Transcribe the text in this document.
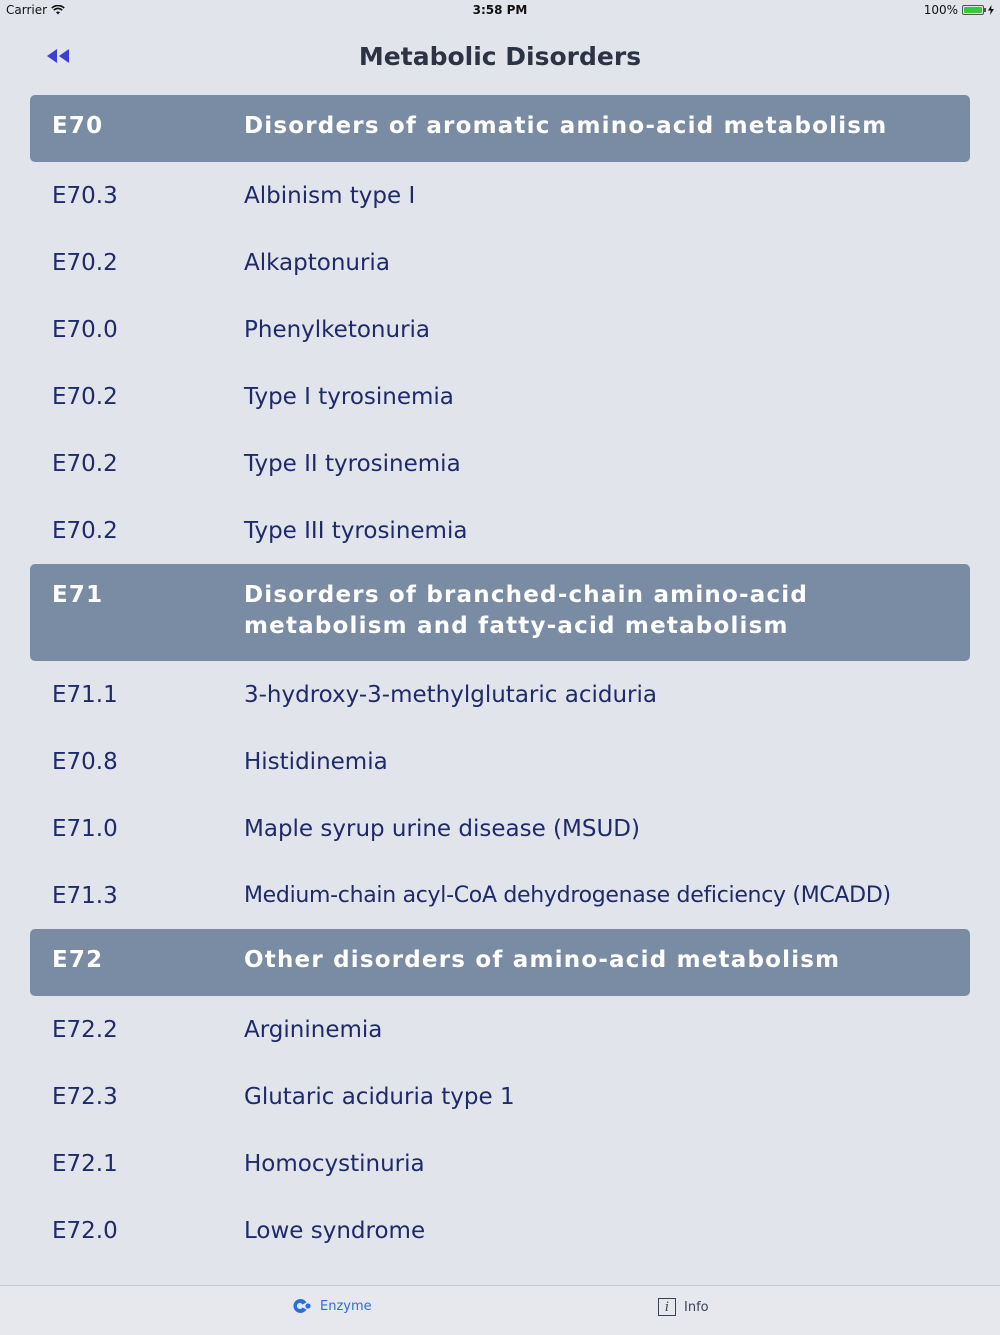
Carrier	3:58 PM	100%
Metabolic Disorders
E70	Disorders of aromatic amino-acid metabolism
E70.3	Albinism type I
E70.2	Alkaptonuria
E70.0	Phenylketonuria
E70.2	Type I tyrosinemia
E70.2	Type II tyrosinemia
E70.2	Type III tyrosinemia
E71	Disorders of branched-chain amino-acid
metabolism and fatty-acid metabolism
E71.1	3-hydroxy-3-methylglutaric aciduria
E70.8	Histidinemia
E71.0	Maple syrup urine disease (MSUD)
E71.3	Medium-chain acyl-CoA dehydrogenase deficiency (MCADD)
E72	Other disorders of amino-acid metabolism
E72.2	Argininemia
E72.3	Glutaric aciduria type 1
E72.1	Homocystinuria
E72.0	Lowe syndrome
Enzyme	i	Info
